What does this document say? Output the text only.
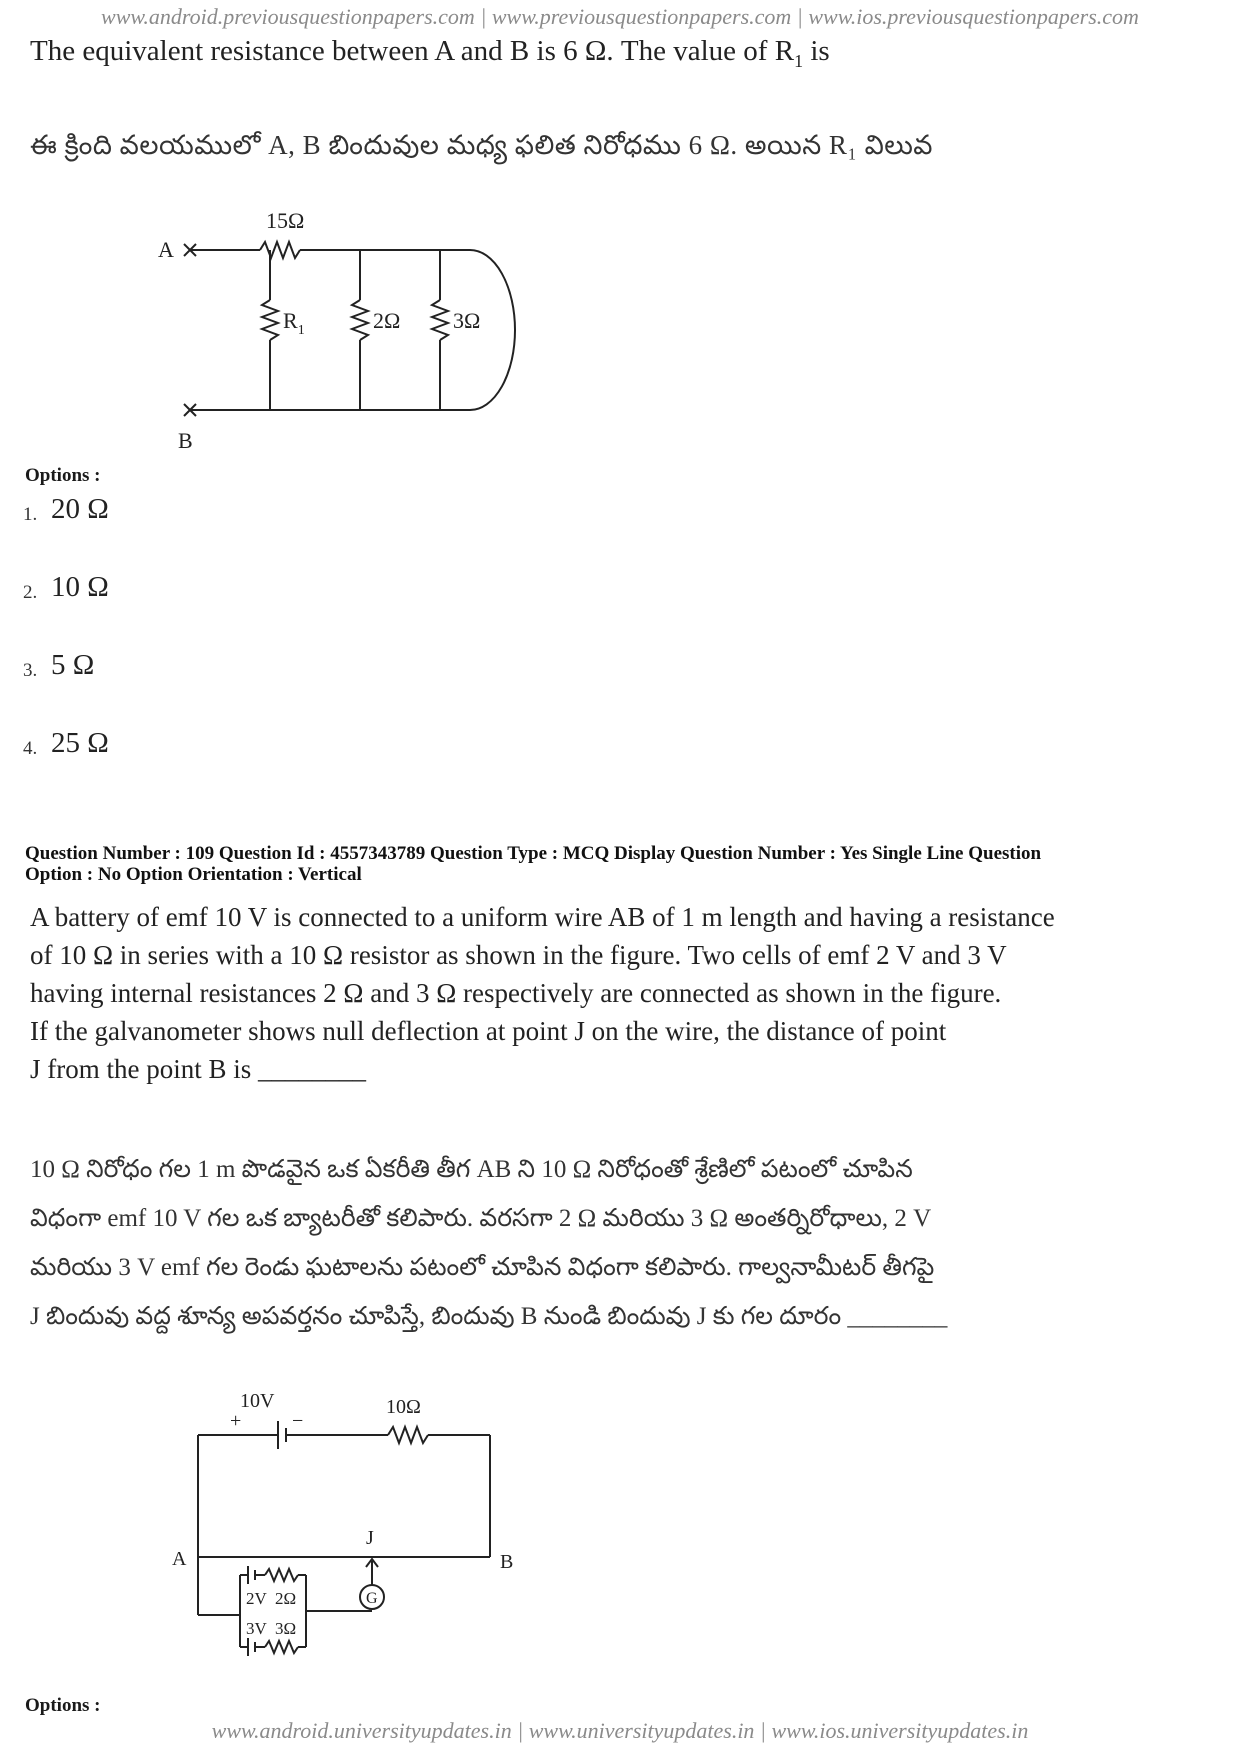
www.android.previousquestionpapers.com | www.previousquestionpapers.com | www.ios.previousquestionpapers.com
The equivalent resistance between A and B is 6 Ω. The value of $R_1$ is
ఈ క్రింది వలయములో A, B బిందువుల మధ్య ఫలిత నిరోధము 6 Ω. అయిన R₁ విలువ
A
B
15Ω
$R_1$	2Ω 3Ω
Options :
1. 20 Ω
2. 10 Ω
3. 5 Ω
4. 25 Ω
Question Number : 109 Question Id : 4557343789 Question Type : MCQ Display Question Number : Yes Single Line Question
Option : No Option Orientation : Vertical
A battery of emf 10 V is connected to a uniform wire AB of 1 m length and having a resistance
of 10 Ω in series with a 10 Ω resistor as shown in the figure. Two cells of emf 2 V and 3 V
having internal resistances 2 Ω and 3 Ω respectively are connected as shown in the figure.
If the galvanometer shows null deflection at point J on the wire, the distance of point
J from the point B is ________
10 Ω నిరోధం గల 1 m పొడవైన ఒక ఏకరీతి తీగ AB ని 10 Ω నిరోధంతో శ్రేణిలో పటంలో చూపిన
విధంగా emf 10 V గల ఒక బ్యాటరీతో కలిపారు. వరసగా 2 Ω మరియు 3 Ω అంతర్నిరోధాలు, 2 V
మరియు 3 V emf గల రెండు ఘటాలను పటంలో చూపిన విధంగా కలిపారు. గాల్వనామీటర్ తీగపై
J బిందువు వద్ద శూన్య అపవర్తనం చూపిస్తే, బిందువు B నుండి బిందువు J కు గల దూరం ________
10V
+	−
10Ω
A	B
J
G
2V 2Ω
3V 3Ω
Options :
www.android.universityupdates.in | www.universityupdates.in | www.ios.universityupdates.in
